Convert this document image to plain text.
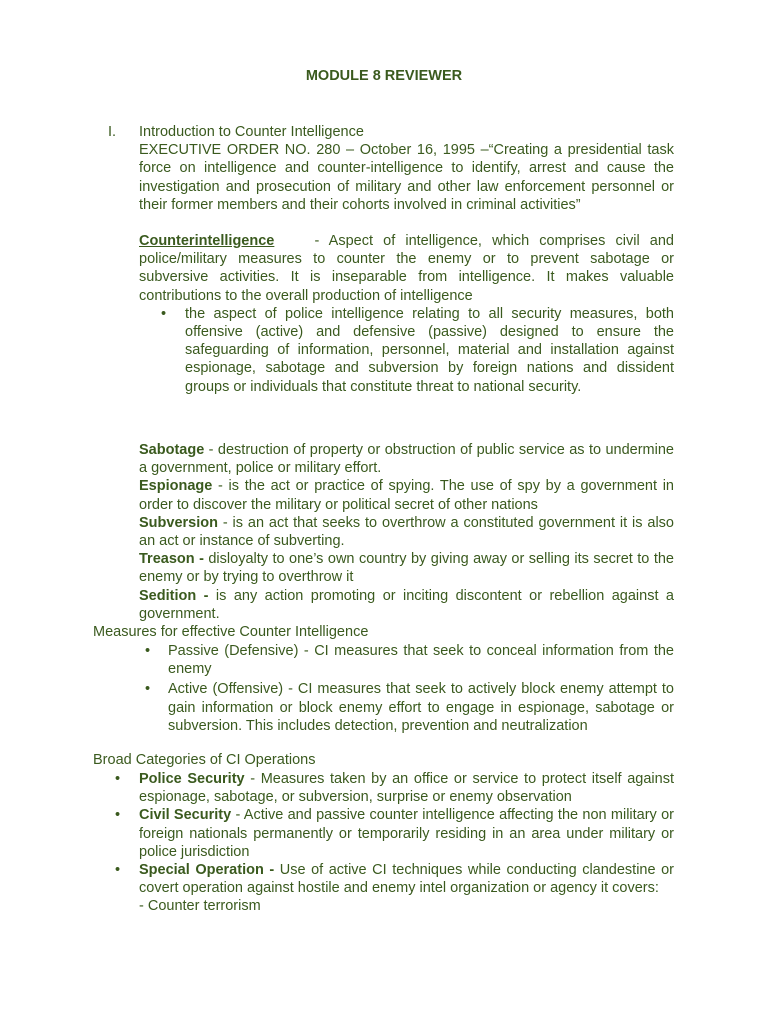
MODULE 8 REVIEWER
I. Introduction to Counter Intelligence

EXECUTIVE ORDER NO. 280 – October 16, 1995 –“Creating a presidential task force on intelligence and counter-intelligence to identify, arrest and cause the investigation and prosecution of military and other law enforcement personnel or their former members and their cohorts involved in criminal activities”

Counterintelligence - Aspect of intelligence, which comprises civil and police/military measures to counter the enemy or to prevent sabotage or subversive activities. It is inseparable from intelligence. It makes valuable contributions to the overall production of intelligence

• the aspect of police intelligence relating to all security measures, both offensive (active) and defensive (passive) designed to ensure the safeguarding of information, personnel, material and installation against espionage, sabotage and subversion by foreign nations and dissident groups or individuals that constitute threat to national security.

Sabotage - destruction of property or obstruction of public service as to undermine a government, police or military effort.

Espionage - is the act or practice of spying. The use of spy by a government in order to discover the military or political secret of other nations

Subversion - is an act that seeks to overthrow a constituted government it is also an act or instance of subverting.

Treason - disloyalty to one’s own country by giving away or selling its secret to the enemy or by trying to overthrow it

Sedition - is any action promoting or inciting discontent or rebellion against a government.

Measures for effective Counter Intelligence
• Passive (Defensive) - CI measures that seek to conceal information from the enemy
• Active (Offensive) - CI measures that seek to actively block enemy attempt to gain information or block enemy effort to engage in espionage, sabotage or subversion. This includes detection, prevention and neutralization
Broad Categories of CI Operations
• Police Security - Measures taken by an office or service to protect itself against espionage, sabotage, or subversion, surprise or enemy observation
• Civil Security - Active and passive counter intelligence affecting the non military or foreign nationals permanently or temporarily residing in an area under military or police jurisdiction
• Special Operation - Use of active CI techniques while conducting clandestine or covert operation against hostile and enemy intel organization or agency it covers:

- Counter terrorism
